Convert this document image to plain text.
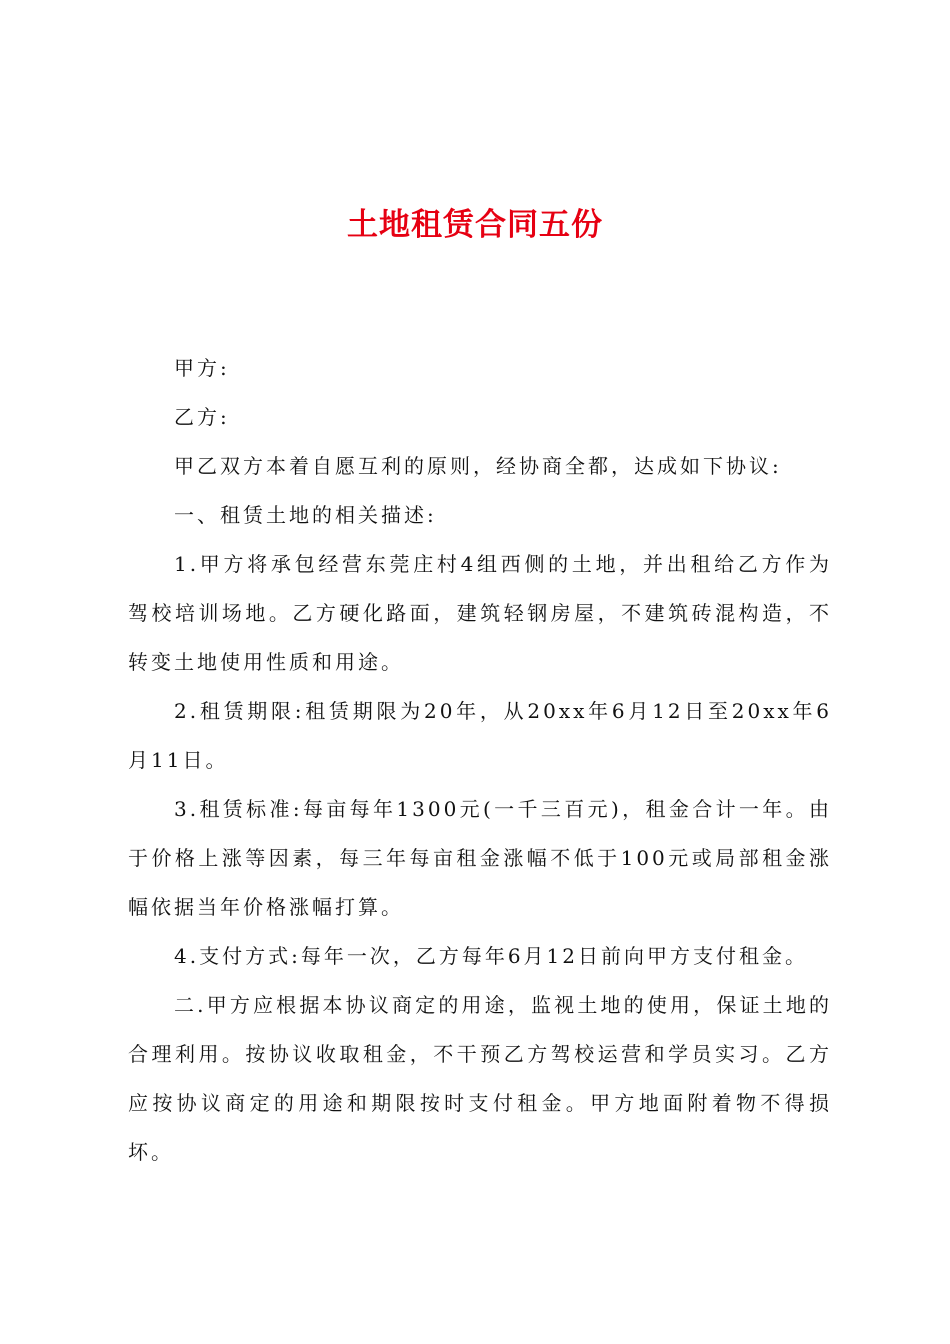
土地租赁合同五份

甲方:

乙方:

甲乙双方本着自愿互利的原则，经协商全都，达成如下协议:

一、租赁土地的相关描述:

1.甲方将承包经营东莞庄村4组西侧的土地，并出租给乙方作为驾校培训场地。乙方硬化路面，建筑轻钢房屋，不建筑砖混构造，不转变土地使用性质和用途。

2.租赁期限:租赁期限为20年，从20xx年6月12日至20xx年6月11日。

3.租赁标准:每亩每年1300元(一千三百元)，租金合计一年。由于价格上涨等因素，每三年每亩租金涨幅不低于100元或局部租金涨幅依据当年价格涨幅打算。

4.支付方式:每年一次，乙方每年6月12日前向甲方支付租金。

二.甲方应根据本协议商定的用途，监视土地的使用，保证土地的合理利用。按协议收取租金，不干预乙方驾校运营和学员实习。乙方应按协议商定的用途和期限按时支付租金。甲方地面附着物不得损坏。
